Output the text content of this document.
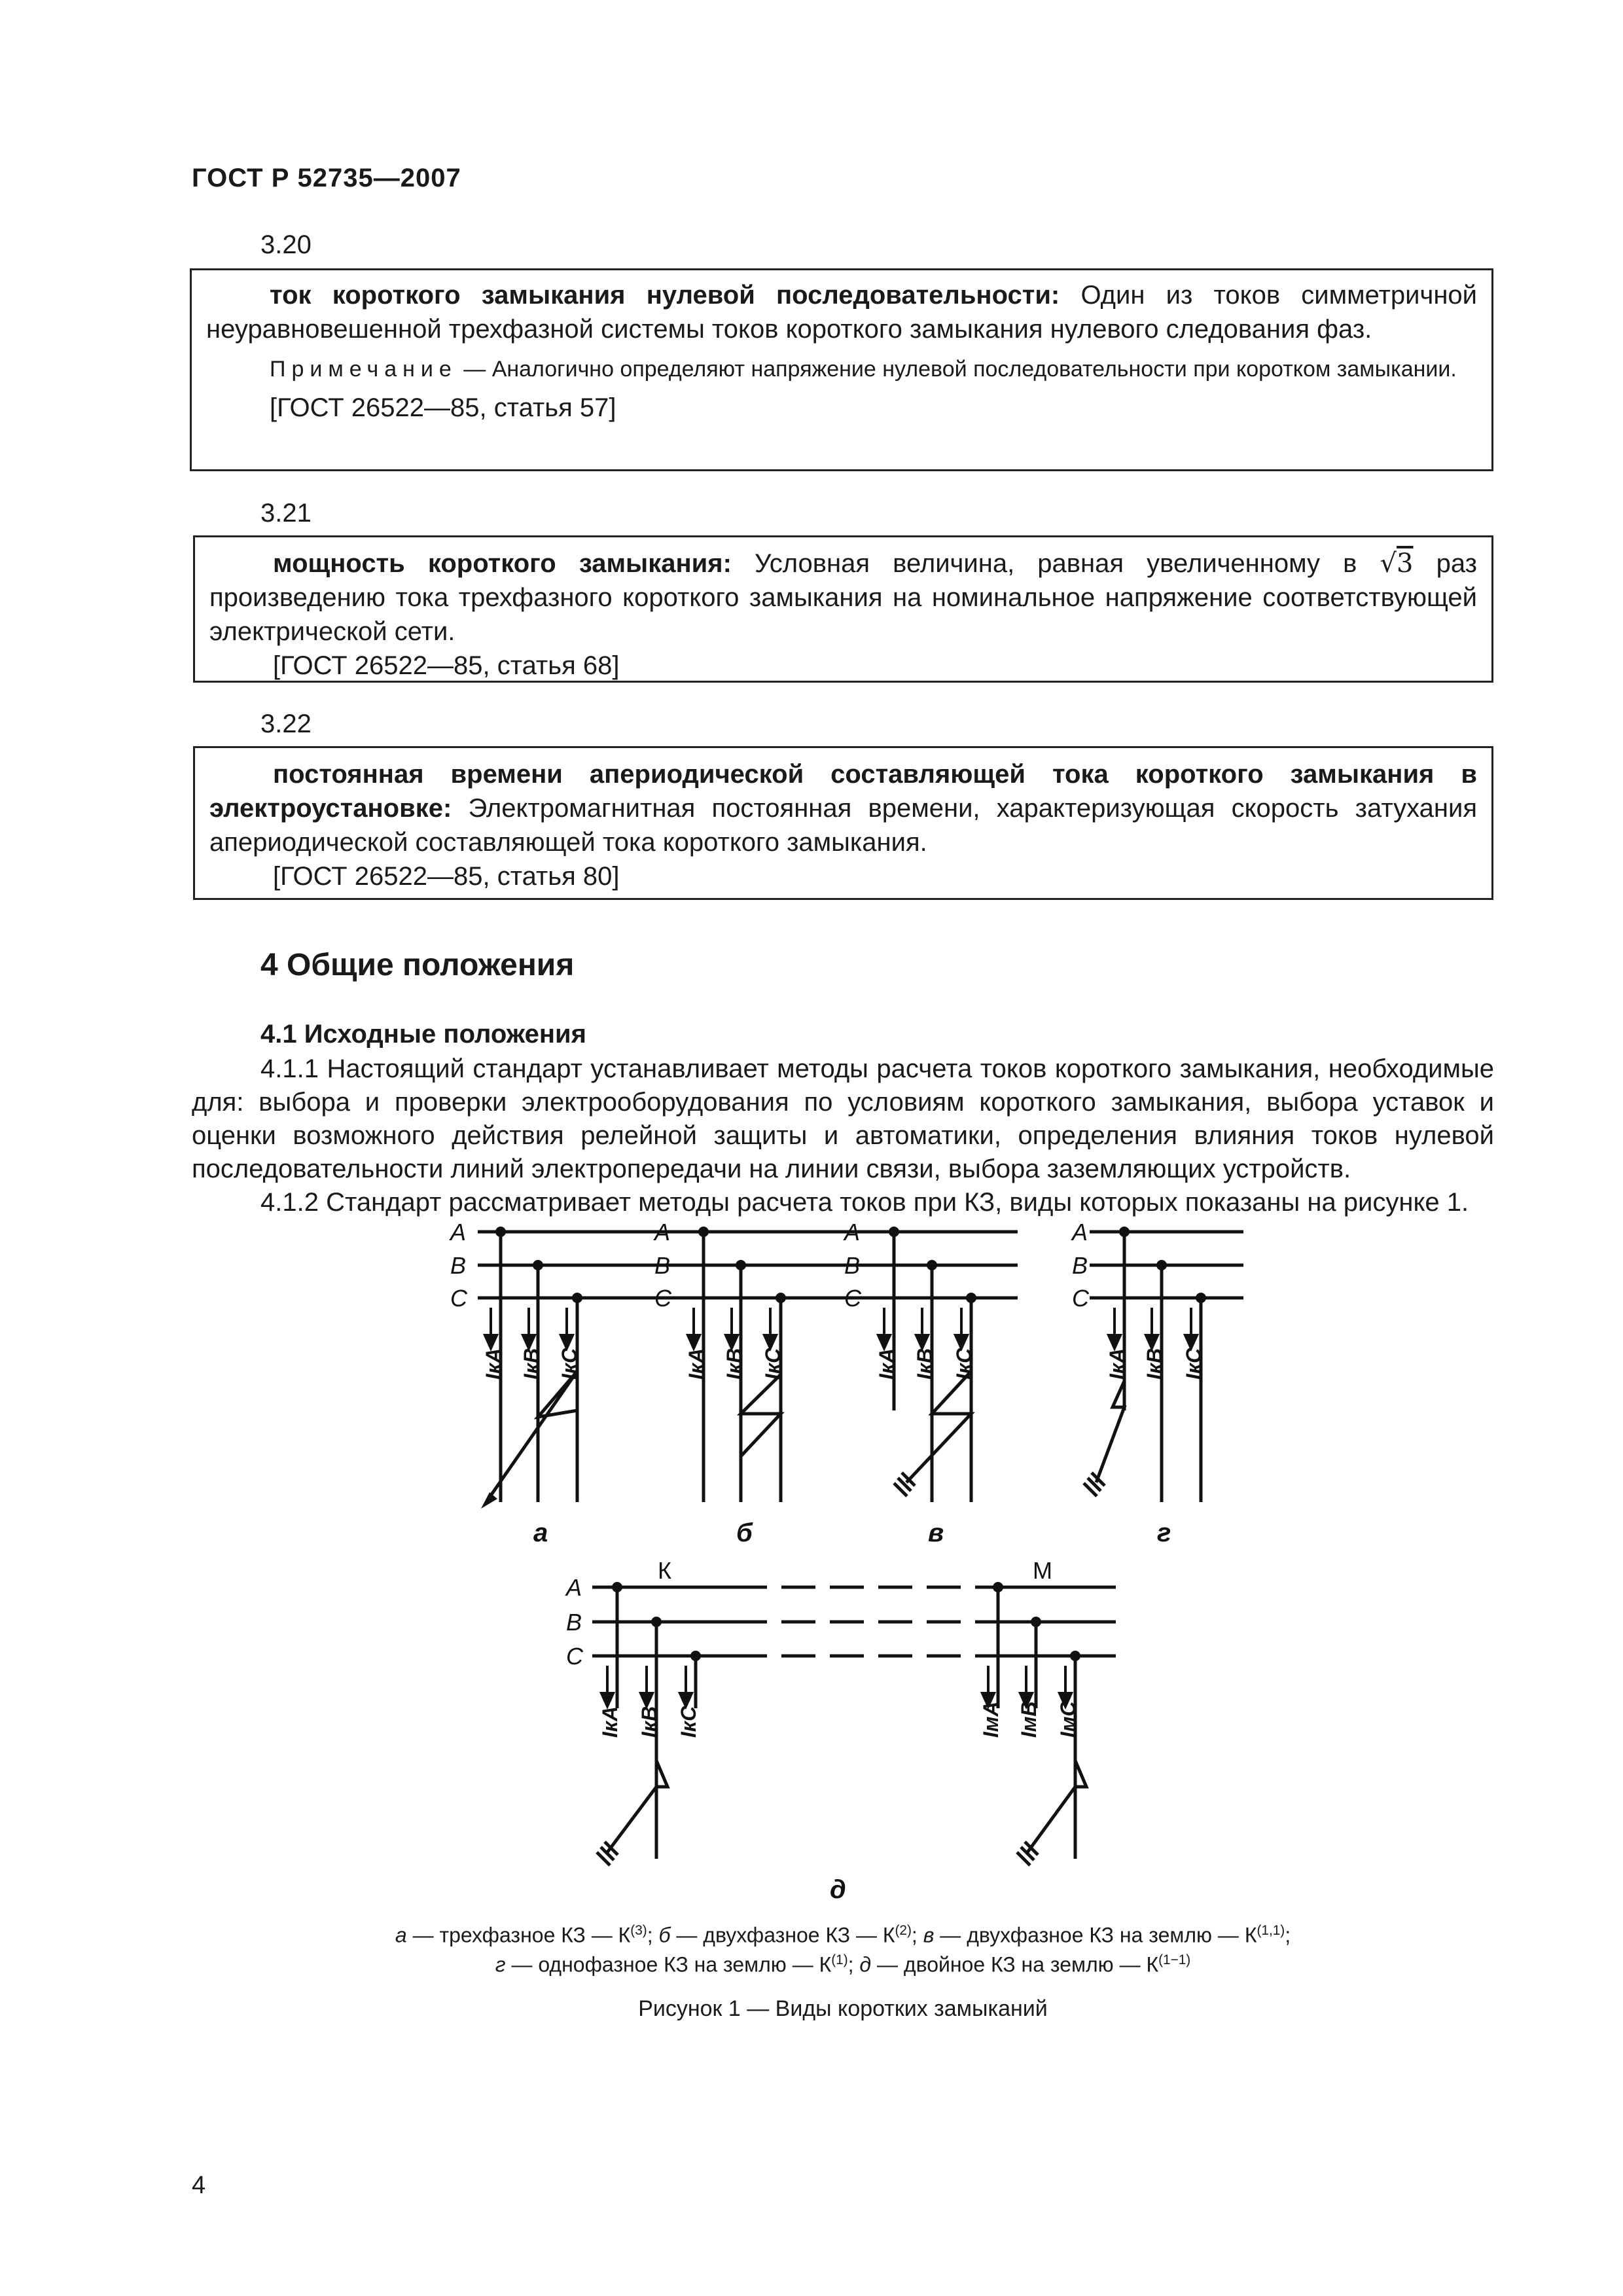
ГОСТ Р 52735—2007
3.20

ток короткого замыкания нулевой последовательности: Один из токов симметричной неуравновешенной трехфазной системы токов короткого замыкания нулевого следования фаз.

Примечание — Аналогично определяют напряжение нулевой последовательности при коротком замыкании.

[ГОСТ 26522—85, статья 57]

3.21

мощность короткого замыкания: Условная величина, равная увеличенному в √3 раз произведению тока трехфазного короткого замыкания на номинальное напряжение соответствующей электрической сети.

[ГОСТ 26522—85, статья 68]

3.22

постоянная времени апериодической составляющей тока короткого замыкания в электроустановке: Электромагнитная постоянная времени, характеризующая скорость затухания апериодической составляющей тока короткого замыкания.

[ГОСТ 26522—85, статья 80]

4 Общие положения
4.1 Исходные положения

4.1.1 Настоящий стандарт устанавливает методы расчета токов короткого замыкания, необходимые для: выбора и проверки электрооборудования по условиям короткого замыкания, выбора уставок и оценки возможного действия релейной защиты и автоматики, определения влияния токов нулевой последовательности линий электропередачи на линии связи, выбора заземляющих устройств.

4.1.2 Стандарт рассматривает методы расчета токов при КЗ, виды которых показаны на рисунке 1.

A
B
C
A
B
C
A
B
C
A
B
C
A
B
C
К	М
IкA IкB IкC	IкA IкB IкC	IкA IкB IкC	IкA IкB IкC
IкA IкB IкC	IмA IмB IмC
а	б	в	г
д
а — трехфазное КЗ — $К^{(3)}$; б — двухфазное КЗ — $К^{(2)}$; в — двухфазное КЗ на землю — К$^{(1,1)}$;
г — однофазное КЗ на землю — $К^{(1)}$; д — двойное КЗ на землю — $К^{(1-1)}$
Рисунок 1 — Виды коротких замыканий
4
